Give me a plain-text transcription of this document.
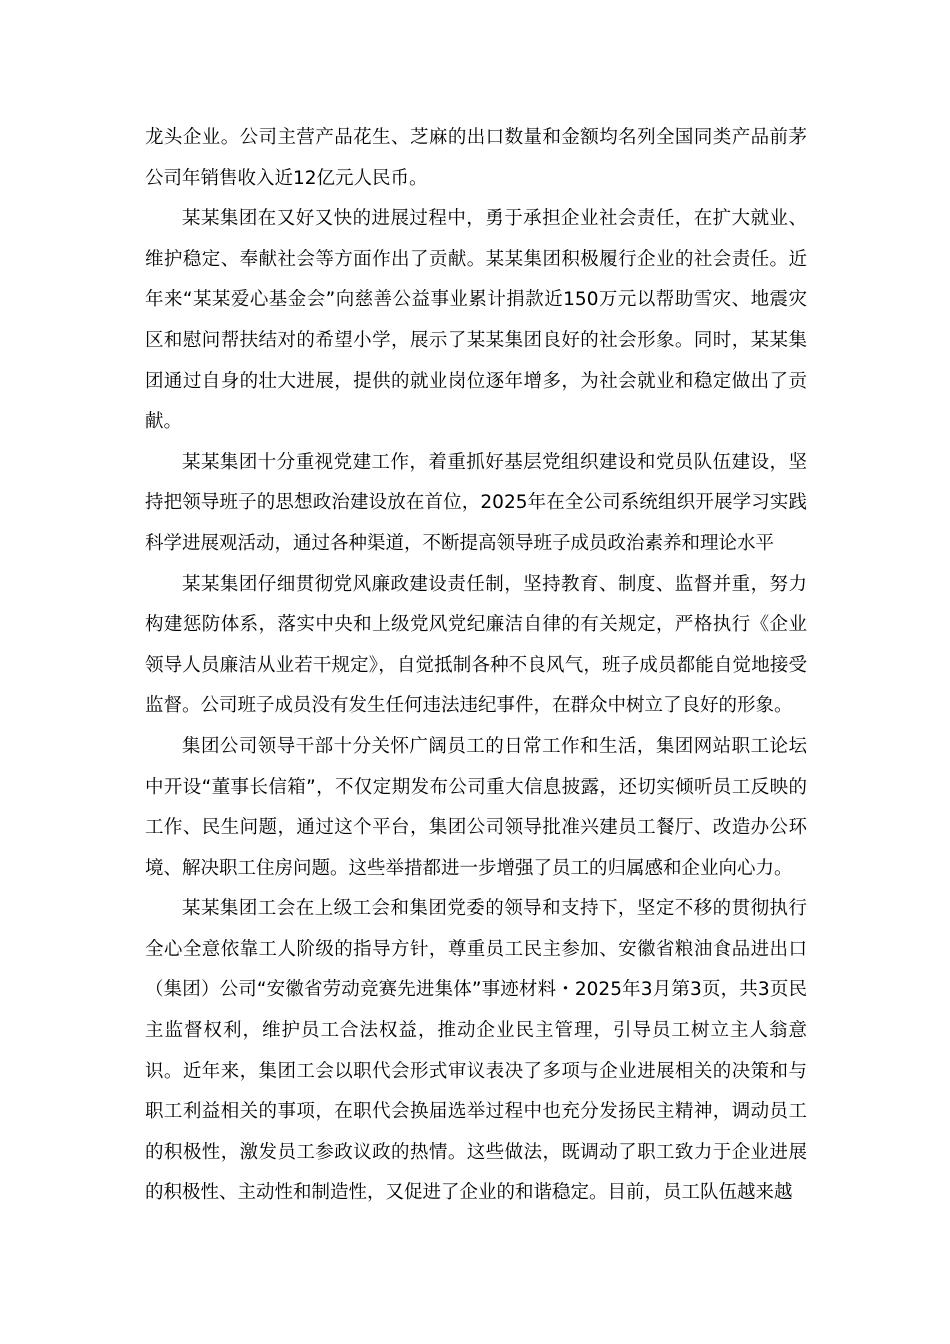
龙头企业。公司主营产品花生、芝麻的出口数量和金额均名列全国同类产品前茅公司年销售收入近12亿元人民币。

某某集团在又好又快的进展过程中，勇于承担企业社会责任，在扩大就业、维护稳定、奉献社会等方面作出了贡献。某某集团积极履行企业的社会责任。近年来“某某爱心基金会”向慈善公益事业累计捐款近150万元以帮助雪灾、地震灾区和慰问帮扶结对的希望小学，展示了某某集团良好的社会形象。同时，某某集团通过自身的壮大进展，提供的就业岗位逐年增多，为社会就业和稳定做出了贡献。

某某集团十分重视党建工作，着重抓好基层党组织建设和党员队伍建设，坚持把领导班子的思想政治建设放在首位，2025年在全公司系统组织开展学习实践科学进展观活动，通过各种渠道，不断提高领导班子成员政治素养和理论水平

某某集团仔细贯彻党风廉政建设责任制，坚持教育、制度、监督并重，努力构建惩防体系，落实中央和上级党风党纪廉洁自律的有关规定，严格执行《企业领导人员廉洁从业若干规定》，自觉抵制各种不良风气，班子成员都能自觉地接受监督。公司班子成员没有发生任何违法违纪事件，在群众中树立了良好的形象。

集团公司领导干部十分关怀广阔员工的日常工作和生活，集团网站职工论坛中开设“董事长信箱”，不仅定期发布公司重大信息披露，还切实倾听员工反映的工作、民生问题，通过这个平台，集团公司领导批准兴建员工餐厅、改造办公环境、解决职工住房问题。这些举措都进一步增强了员工的归属感和企业向心力。

某某集团工会在上级工会和集团党委的领导和支持下，坚定不移的贯彻执行全心全意依靠工人阶级的指导方针，尊重员工民主参加、安徽省粮油食品进出口（集团）公司“安徽省劳动竞赛先进集体”事迹材料・2025年3月第3页，共3页民主监督权利，维护员工合法权益，推动企业民主管理，引导员工树立主人翁意识。近年来，集团工会以职代会形式审议表决了多项与企业进展相关的决策和与职工利益相关的事项，在职代会换届选举过程中也充分发扬民主精神，调动员工的积极性，激发员工参政议政的热情。这些做法，既调动了职工致力于企业进展的积极性、主动性和制造性，又促进了企业的和谐稳定。目前，员工队伍越来越
